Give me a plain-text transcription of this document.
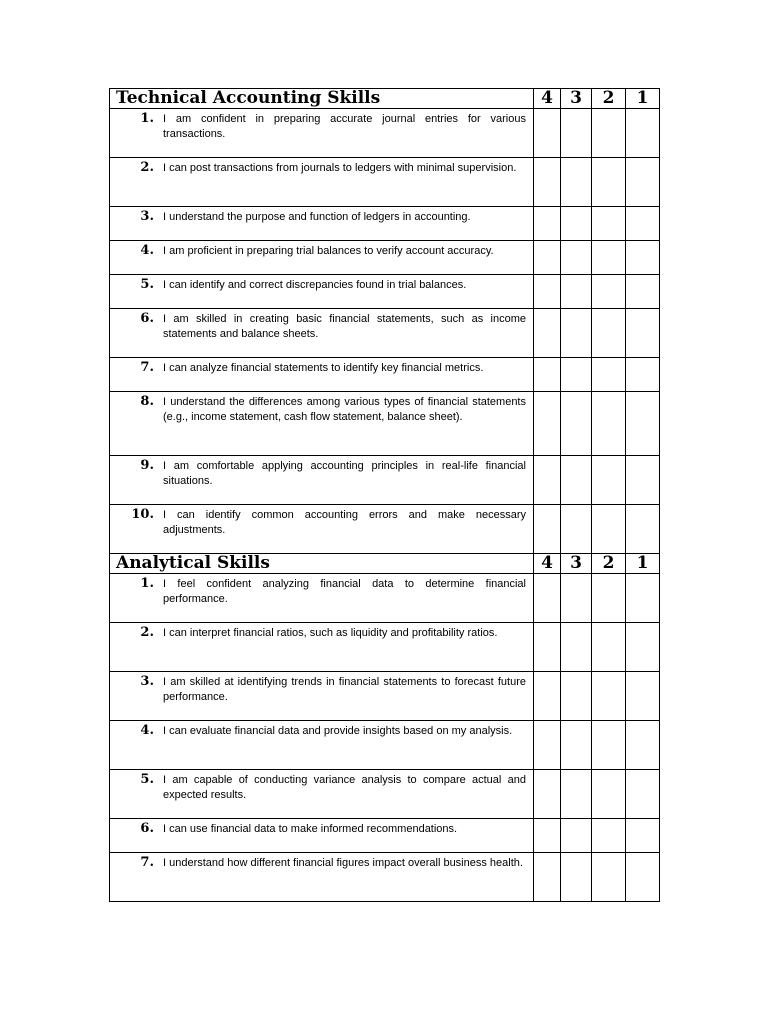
Technical Accounting Skills	4	3	2	1

1. I am confident in preparing accurate journal entries for various transactions.				

2. I can post transactions from journals to ledgers with minimal supervision.				

3. I understand the purpose and function of ledgers in accounting.				

4. I am proficient in preparing trial balances to verify account accuracy.				

5. I can identify and correct discrepancies found in trial balances.				

6. I am skilled in creating basic financial statements, such as income statements and balance sheets.				

7. I can analyze financial statements to identify key financial metrics.				

8. I understand the differences among various types of financial statements (e.g., income statement, cash flow statement, balance sheet).				

9. I am comfortable applying accounting principles in real-life financial situations.				

10. I can identify common accounting errors and make necessary adjustments.				

Analytical Skills	4	3	2	1

1. I feel confident analyzing financial data to determine financial performance.				

2. I can interpret financial ratios, such as liquidity and profitability ratios.				

3. I am skilled at identifying trends in financial statements to forecast future performance.				

4. I can evaluate financial data and provide insights based on my analysis.				

5. I am capable of conducting variance analysis to compare actual and expected results.				

6. I can use financial data to make informed recommendations.				

7. I understand how different financial figures impact overall business health.				
